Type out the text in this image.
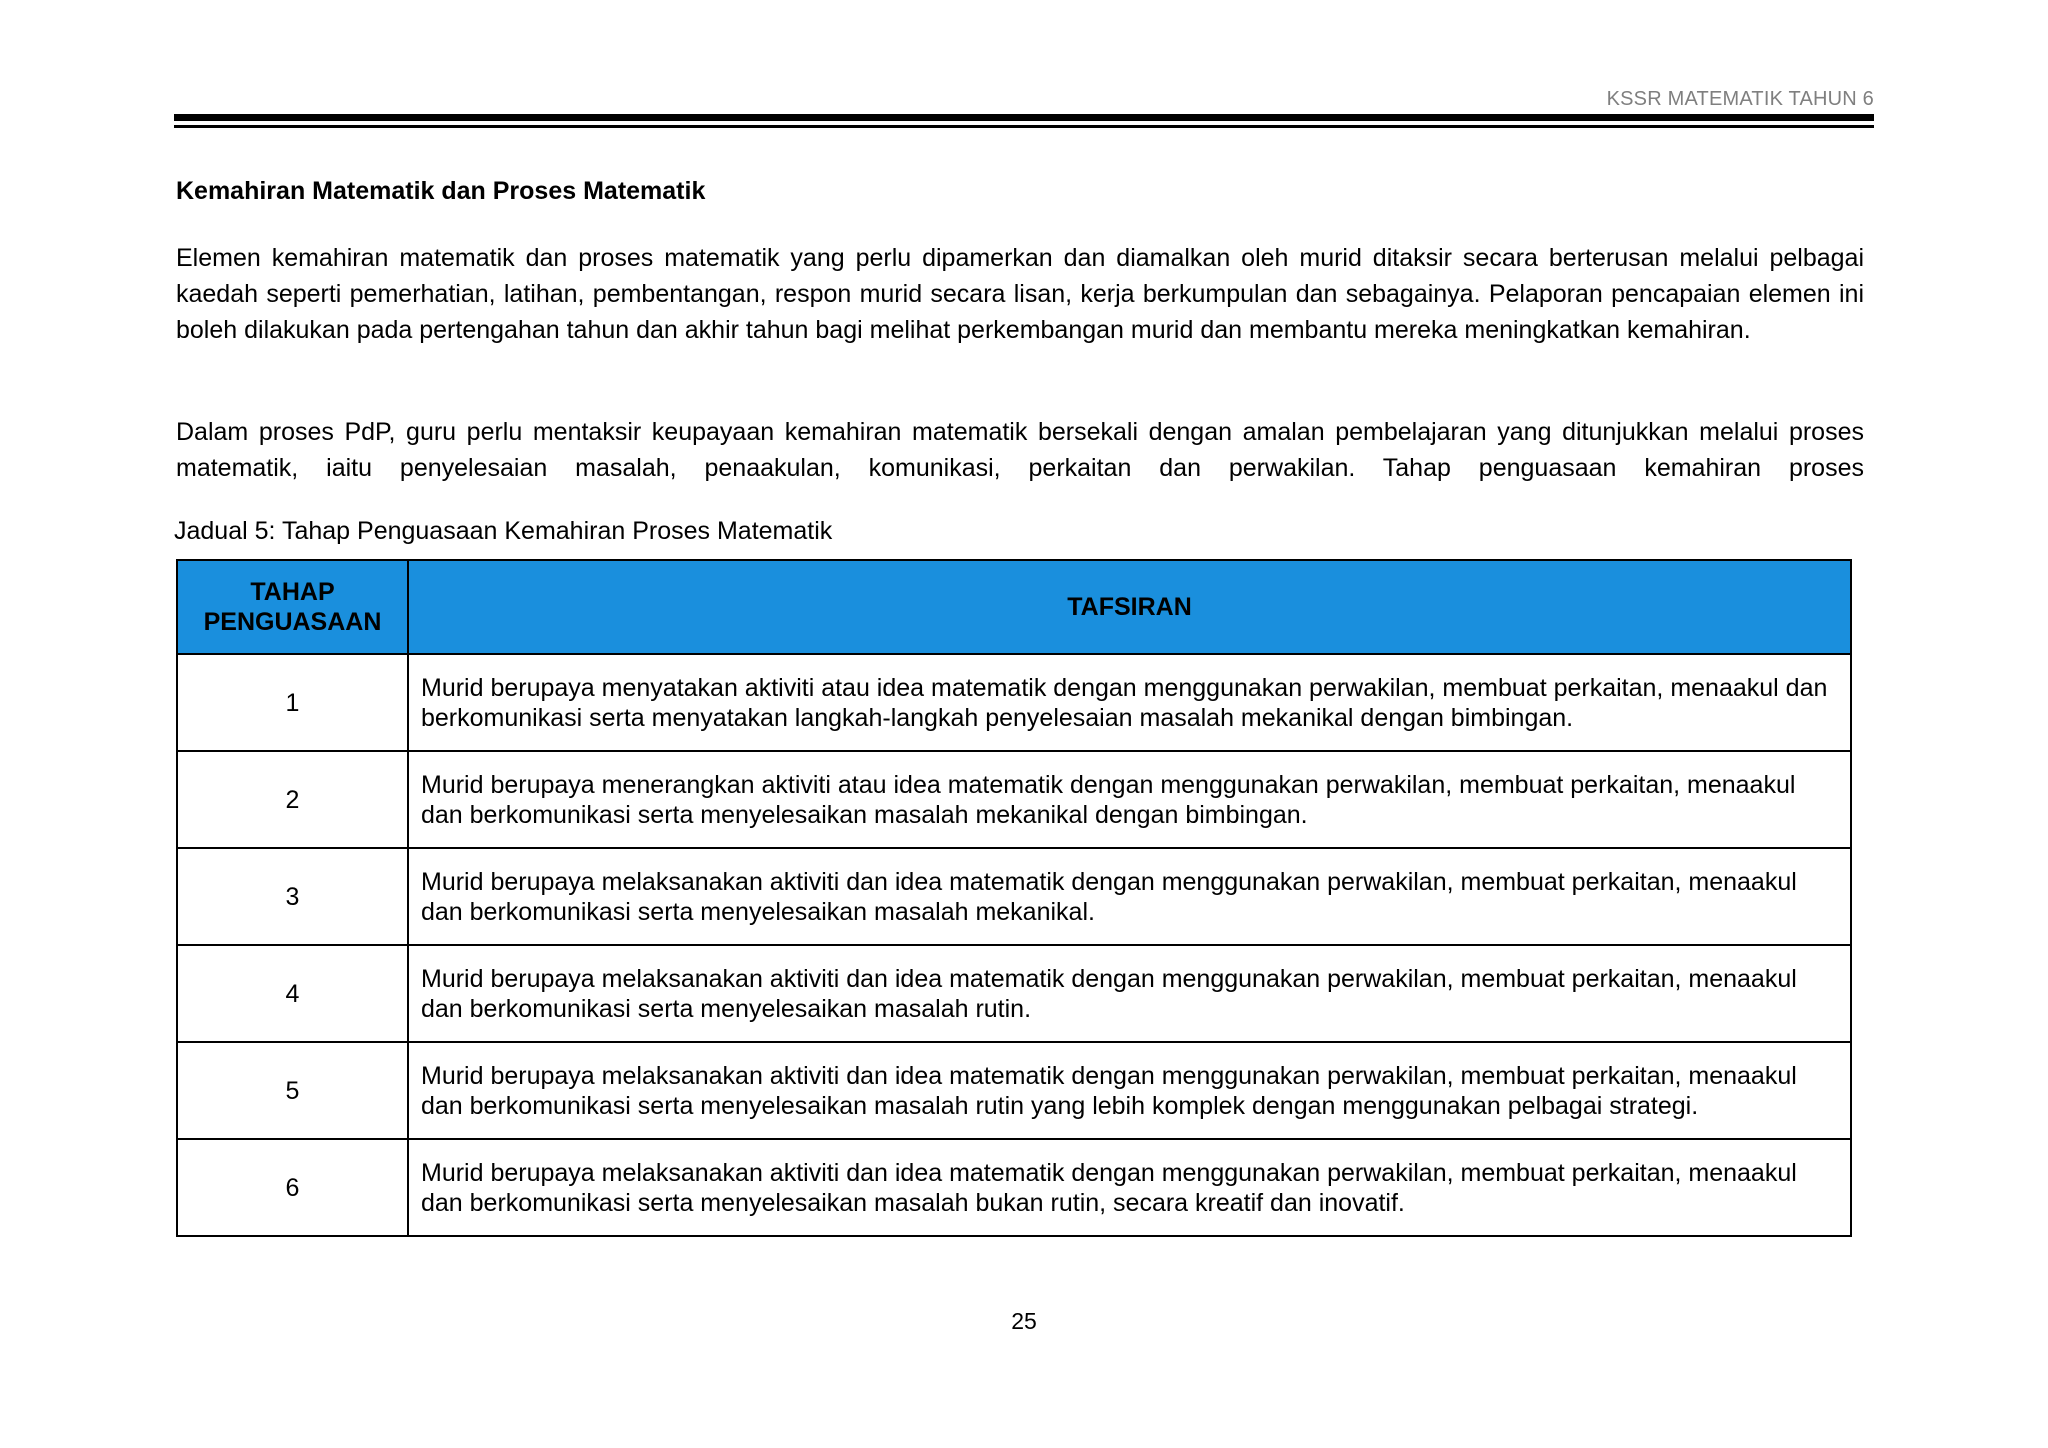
KSSR MATEMATIK TAHUN 6
Kemahiran Matematik dan Proses Matematik
Elemen kemahiran matematik dan proses matematik yang perlu dipamerkan dan diamalkan oleh murid ditaksir secara berterusan melalui pelbagai kaedah seperti pemerhatian, latihan, pembentangan, respon murid secara lisan, kerja berkumpulan dan sebagainya. Pelaporan pencapaian elemen ini boleh dilakukan pada pertengahan tahun dan akhir tahun bagi melihat perkembangan murid dan membantu mereka meningkatkan kemahiran.
Dalam proses PdP, guru perlu mentaksir keupayaan kemahiran matematik bersekali dengan amalan pembelajaran yang ditunjukkan melalui proses matematik, iaitu penyelesaian masalah, penaakulan, komunikasi, perkaitan dan perwakilan. Tahap penguasaan kemahiran proses
Jadual 5: Tahap Penguasaan Kemahiran Proses Matematik
TAHAP PENGUASAAN	TAFSIRAN
1	Murid berupaya menyatakan aktiviti atau idea matematik dengan menggunakan perwakilan, membuat perkaitan, menaakul dan berkomunikasi serta menyatakan langkah-langkah penyelesaian masalah mekanikal dengan bimbingan.
2	Murid berupaya menerangkan aktiviti atau idea matematik dengan menggunakan perwakilan, membuat perkaitan, menaakul dan berkomunikasi serta menyelesaikan masalah mekanikal dengan bimbingan.
3	Murid berupaya melaksanakan aktiviti dan idea matematik dengan menggunakan perwakilan, membuat perkaitan, menaakul dan berkomunikasi serta menyelesaikan masalah mekanikal.
4	Murid berupaya melaksanakan aktiviti dan idea matematik dengan menggunakan perwakilan, membuat perkaitan, menaakul dan berkomunikasi serta menyelesaikan masalah rutin.
5	Murid berupaya melaksanakan aktiviti dan idea matematik dengan menggunakan perwakilan, membuat perkaitan, menaakul dan berkomunikasi serta menyelesaikan masalah rutin yang lebih komplek dengan menggunakan pelbagai strategi.
6	Murid berupaya melaksanakan aktiviti dan idea matematik dengan menggunakan perwakilan, membuat perkaitan, menaakul dan berkomunikasi serta menyelesaikan masalah bukan rutin, secara kreatif dan inovatif.
25
